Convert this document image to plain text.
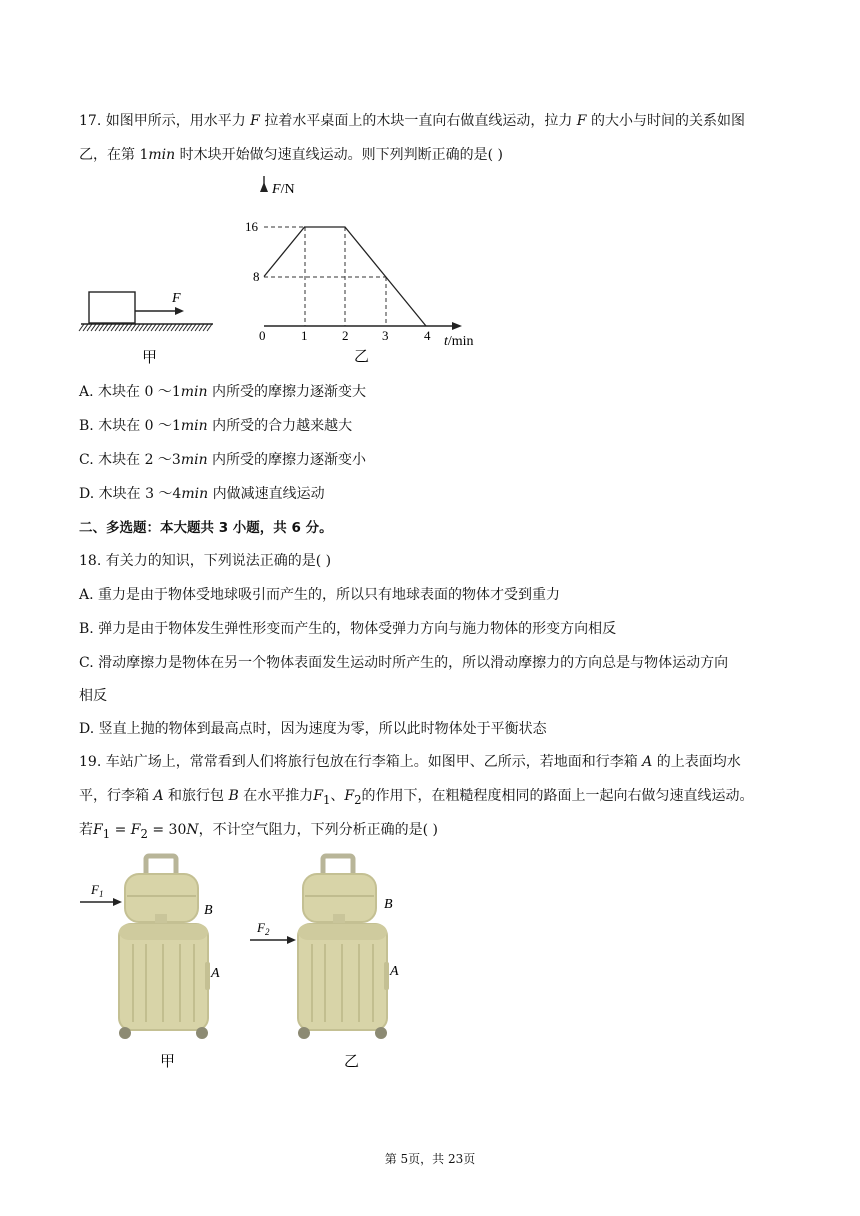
17. 如图甲所示，用水平力 F 拉着水平桌面上的木块一直向右做直线运动，拉力 F 的大小与时间的关系如图
乙，在第 1min 时木块开始做匀速直线运动。则下列判断正确的是( )
F
甲
F/N
t/min
0	1	2	3	4
16
8
乙
A. 木块在 0 ～1min 内所受的摩擦力逐渐变大
B. 木块在 0 ～1min 内所受的合力越来越大
C. 木块在 2 ～3min 内所受的摩擦力逐渐变小
D. 木块在 3 ～4min 内做减速直线运动
二、多选题：本大题共 3 小题，共 6 分。
18. 有关力的知识，下列说法正确的是( )
A. 重力是由于物体受地球吸引而产生的，所以只有地球表面的物体才受到重力
B. 弹力是由于物体发生弹性形变而产生的，物体受弹力方向与施力物体的形变方向相反
C. 滑动摩擦力是物体在另一个物体表面发生运动时所产生的，所以滑动摩擦力的方向总是与物体运动方向
相反
D. 竖直上抛的物体到最高点时，因为速度为零，所以此时物体处于平衡状态
19. 车站广场上，常常看到人们将旅行包放在行李箱上。如图甲、乙所示，若地面和行李箱 A 的上表面均水
平，行李箱 A 和旅行包 B 在水平推力$F_1$、$F_2$的作用下，在粗糙程度相同的路面上一起向右做匀速直线运动。
若$F_1 = F_2 = 30N$，不计空气阻力，下列分析正确的是( )
$F_1$
B
A
甲
$F_2$
B
A
乙
第 5页，共 23页
